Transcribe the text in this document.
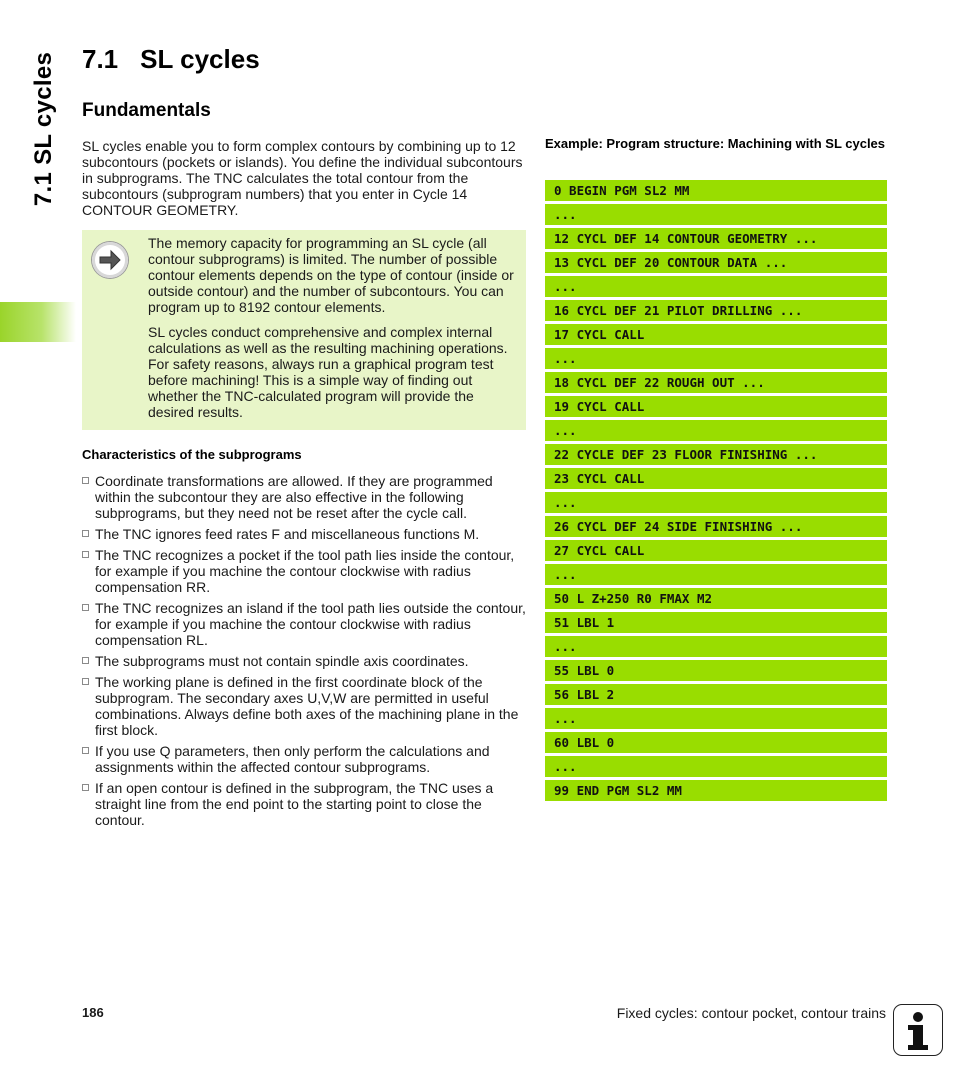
7.1 SL cycles 7.1 SL cycles
Fundamentals

SL cycles enable you to form complex contours by combining up to 12 subcontours (pockets or islands). You define the individual subcontours in subprograms. The TNC calculates the total contour from the subcontours (subprogram numbers) that you enter in Cycle 14 CONTOUR GEOMETRY.

The memory capacity for programming an SL cycle (all contour subprograms) is limited. The number of possible contour elements depends on the type of contour (inside or outside contour) and the number of subcontours. You can program up to 8192 contour elements.

SL cycles conduct comprehensive and complex internal calculations as well as the resulting machining operations. For safety reasons, always run a graphical program test before machining! This is a simple way of finding out whether the TNC-calculated program will provide the desired results.

Characteristics of the subprograms
Coordinate transformations are allowed. If they are programmed within the subcontour they are also effective in the following subprograms, but they need not be reset after the cycle call.
The TNC ignores feed rates F and miscellaneous functions M.
The TNC recognizes a pocket if the tool path lies inside the contour, for example if you machine the contour clockwise with radius compensation RR.
The TNC recognizes an island if the tool path lies outside the contour, for example if you machine the contour clockwise with radius compensation RL.
The subprograms must not contain spindle axis coordinates.
The working plane is defined in the first coordinate block of the subprogram. The secondary axes U,V,W are permitted in useful combinations. Always define both axes of the machining plane in the first block.
If you use Q parameters, then only perform the calculations and assignments within the affected contour subprograms.
If an open contour is defined in the subprogram, the TNC uses a straight line from the end point to the starting point to close the contour.
Example: Program structure: Machining with SL cycles
0 BEGIN PGM SL2 MM
...
12 CYCL DEF 14 CONTOUR GEOMETRY ...
13 CYCL DEF 20 CONTOUR DATA ...
...
16 CYCL DEF 21 PILOT DRILLING ...
17 CYCL CALL
...
18 CYCL DEF 22 ROUGH OUT ...
19 CYCL CALL
...
22 CYCLE DEF 23 FLOOR FINISHING ...
23 CYCL CALL
...
26 CYCL DEF 24 SIDE FINISHING ...
27 CYCL CALL
...
50 L Z+250 R0 FMAX M2
51 LBL 1
...
55 LBL 0
56 LBL 2
...
60 LBL 0
...
99 END PGM SL2 MM
186	Fixed cycles: contour pocket, contour trains
